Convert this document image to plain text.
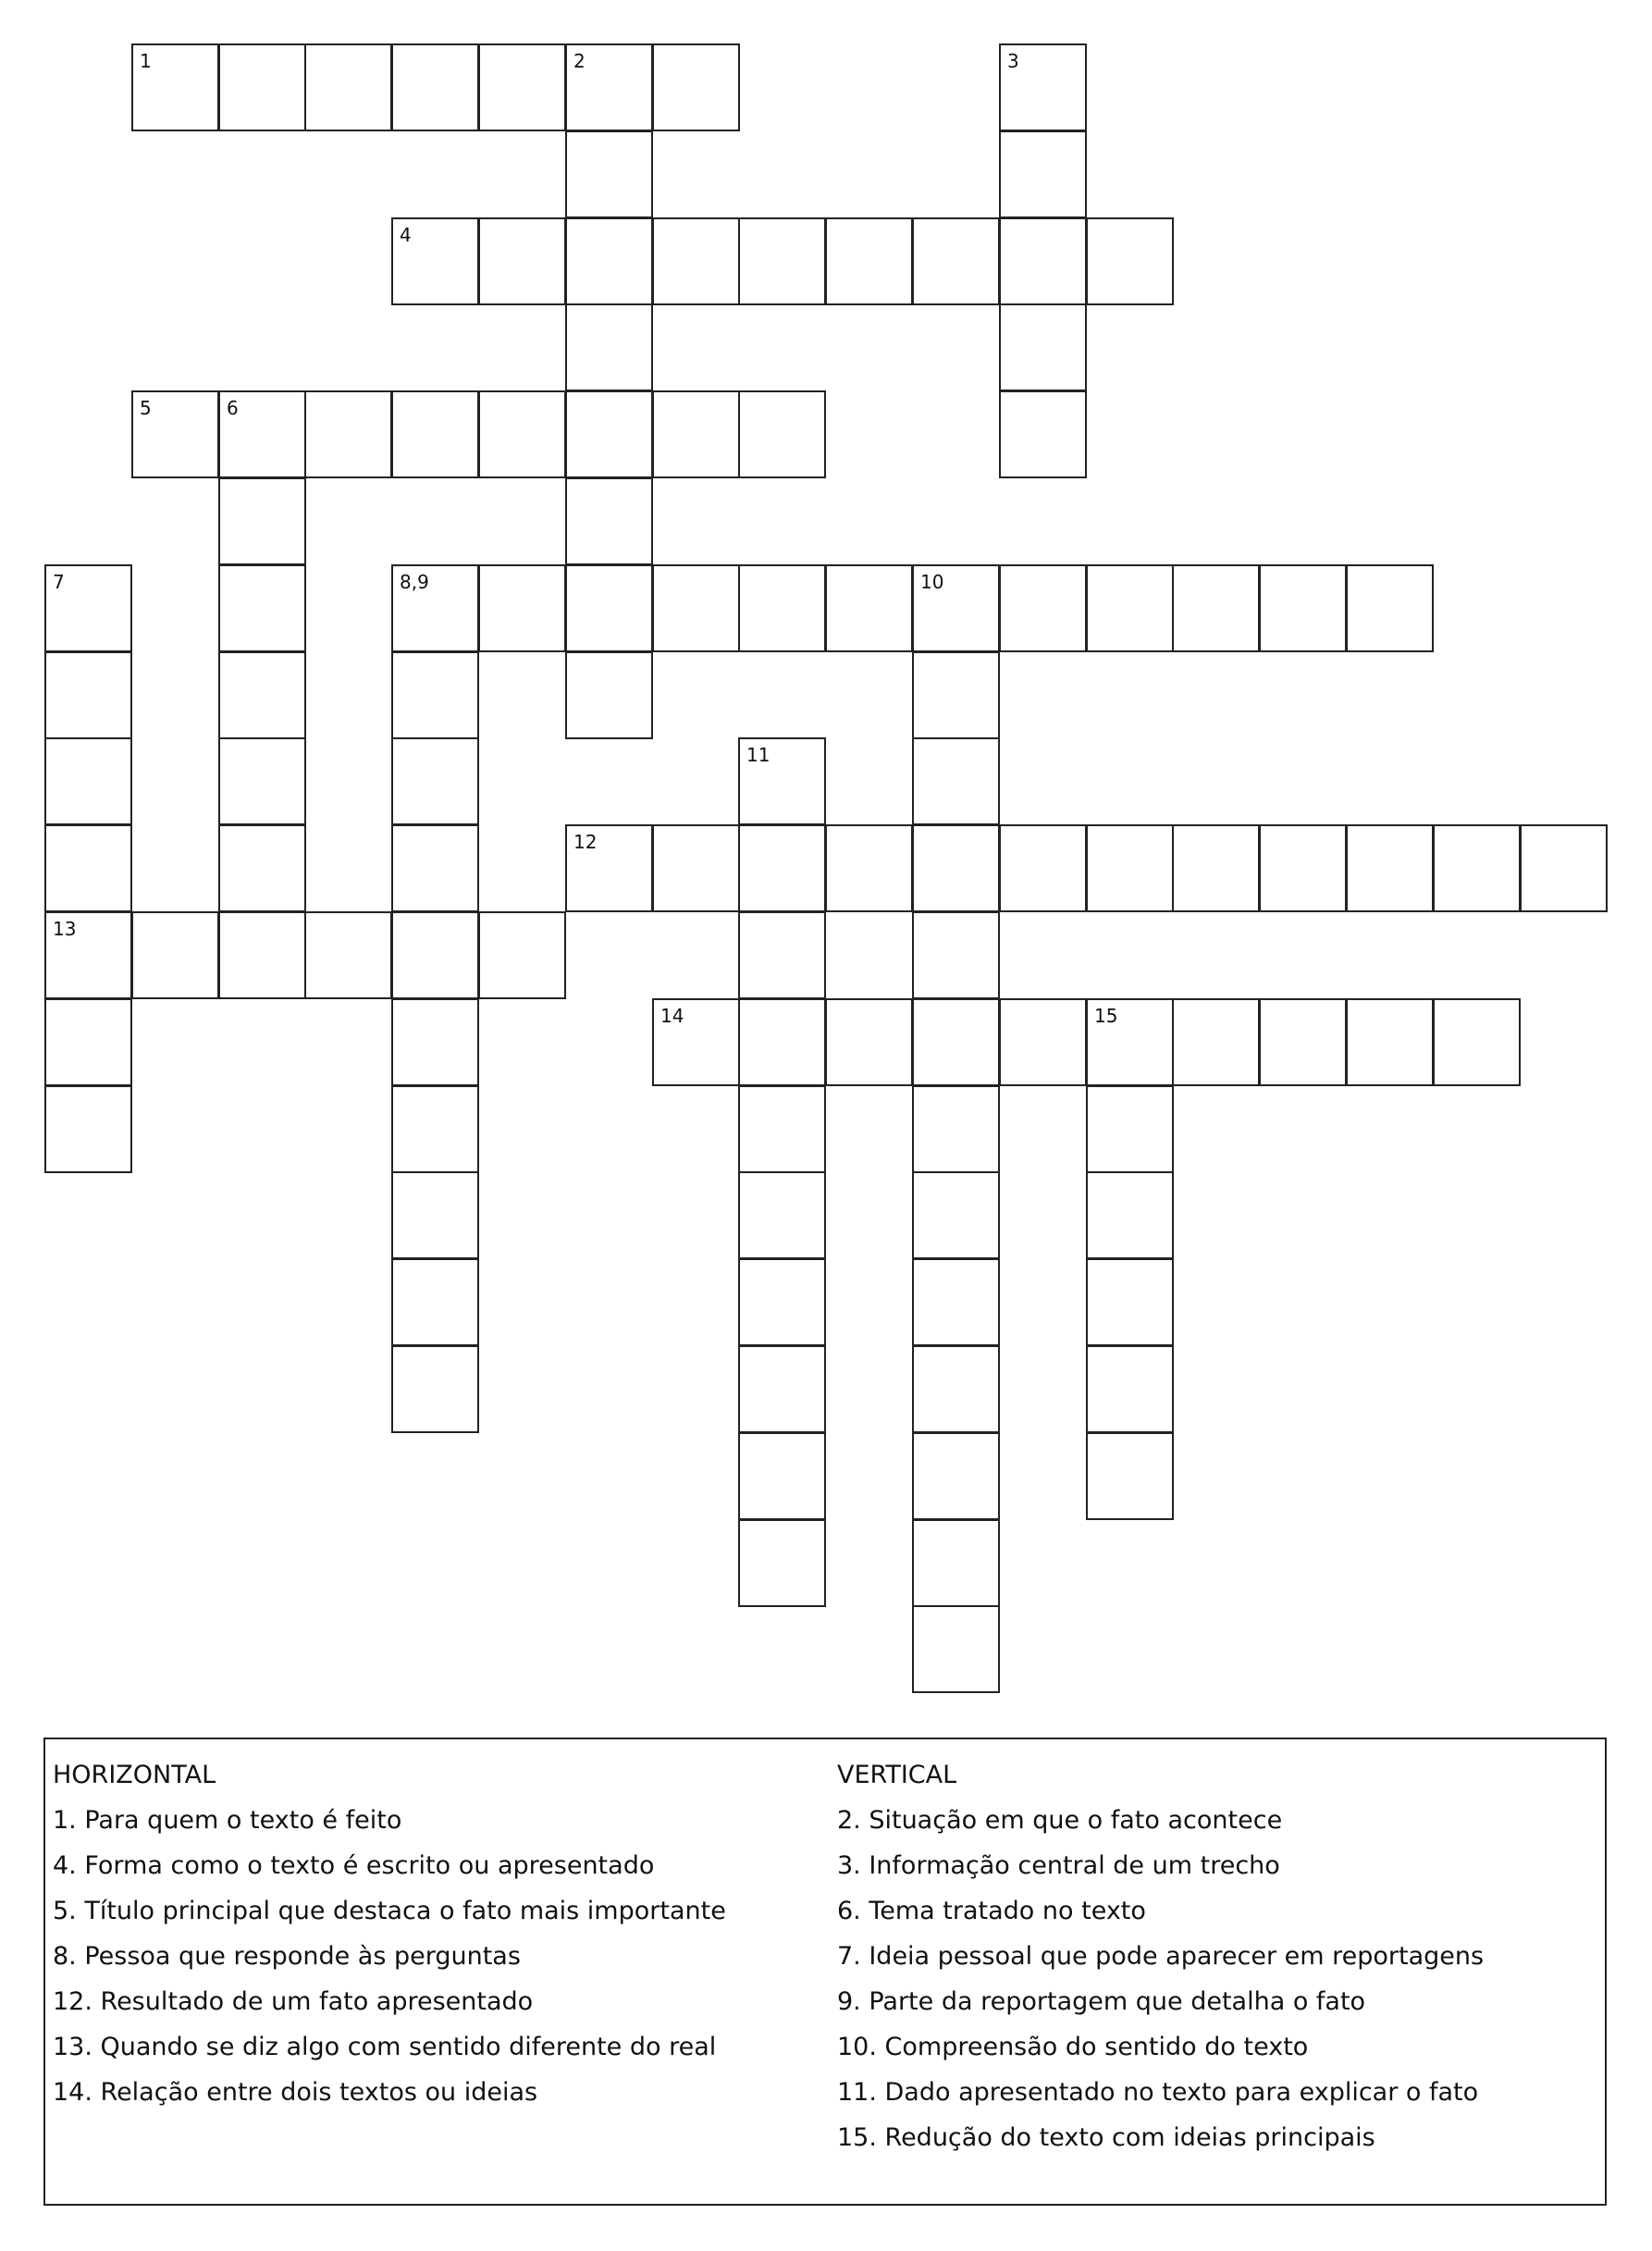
1	2	3
4
5	6
7	8,9	10
11
12
13
14	15
HORIZONTAL
1. Para quem o texto é feito
4. Forma como o texto é escrito ou apresentado
5. Título principal que destaca o fato mais importante
8. Pessoa que responde às perguntas
12. Resultado de um fato apresentado
13. Quando se diz algo com sentido diferente do real
14. Relação entre dois textos ou ideias
VERTICAL
2. Situação em que o fato acontece
3. Informação central de um trecho
6. Tema tratado no texto
7. Ideia pessoal que pode aparecer em reportagens
9. Parte da reportagem que detalha o fato
10. Compreensão do sentido do texto
11. Dado apresentado no texto para explicar o fato
15. Redução do texto com ideias principais
